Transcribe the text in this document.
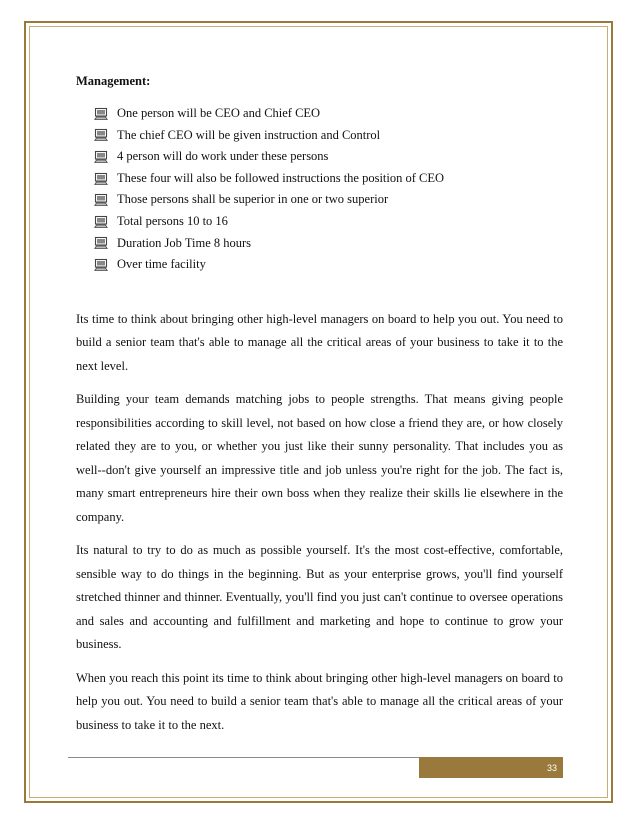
Management:
One person will be CEO and Chief CEO
The chief CEO will be given instruction and Control
4 person will do work under these persons
These four will also be followed instructions the position of CEO
Those persons shall be superior in one or two superior
Total persons 10 to 16
Duration Job Time 8 hours
Over time facility

Its time to think about bringing other high-level managers on board to help you out. You need to build a senior team that's able to manage all the critical areas of your business to take it to the next level.

Building your team demands matching jobs to people strengths. That means giving people responsibilities according to skill level, not based on how close a friend they are, or how closely related they are to you, or whether you just like their sunny personality. That includes you as well--don't give yourself an impressive title and job unless you're right for the job. The fact is, many smart entrepreneurs hire their own boss when they realize their skills lie elsewhere in the company.

Its natural to try to do as much as possible yourself. It's the most cost-effective, comfortable, sensible way to do things in the beginning. But as your enterprise grows, you'll find yourself stretched thinner and thinner. Eventually, you'll find you just can't continue to oversee operations and sales and accounting and fulfillment and marketing and hope to continue to grow your business.

When you reach this point its time to think about bringing other high-level managers on board to help you out. You need to build a senior team that's able to manage all the critical areas of your business to take it to the next.

33
